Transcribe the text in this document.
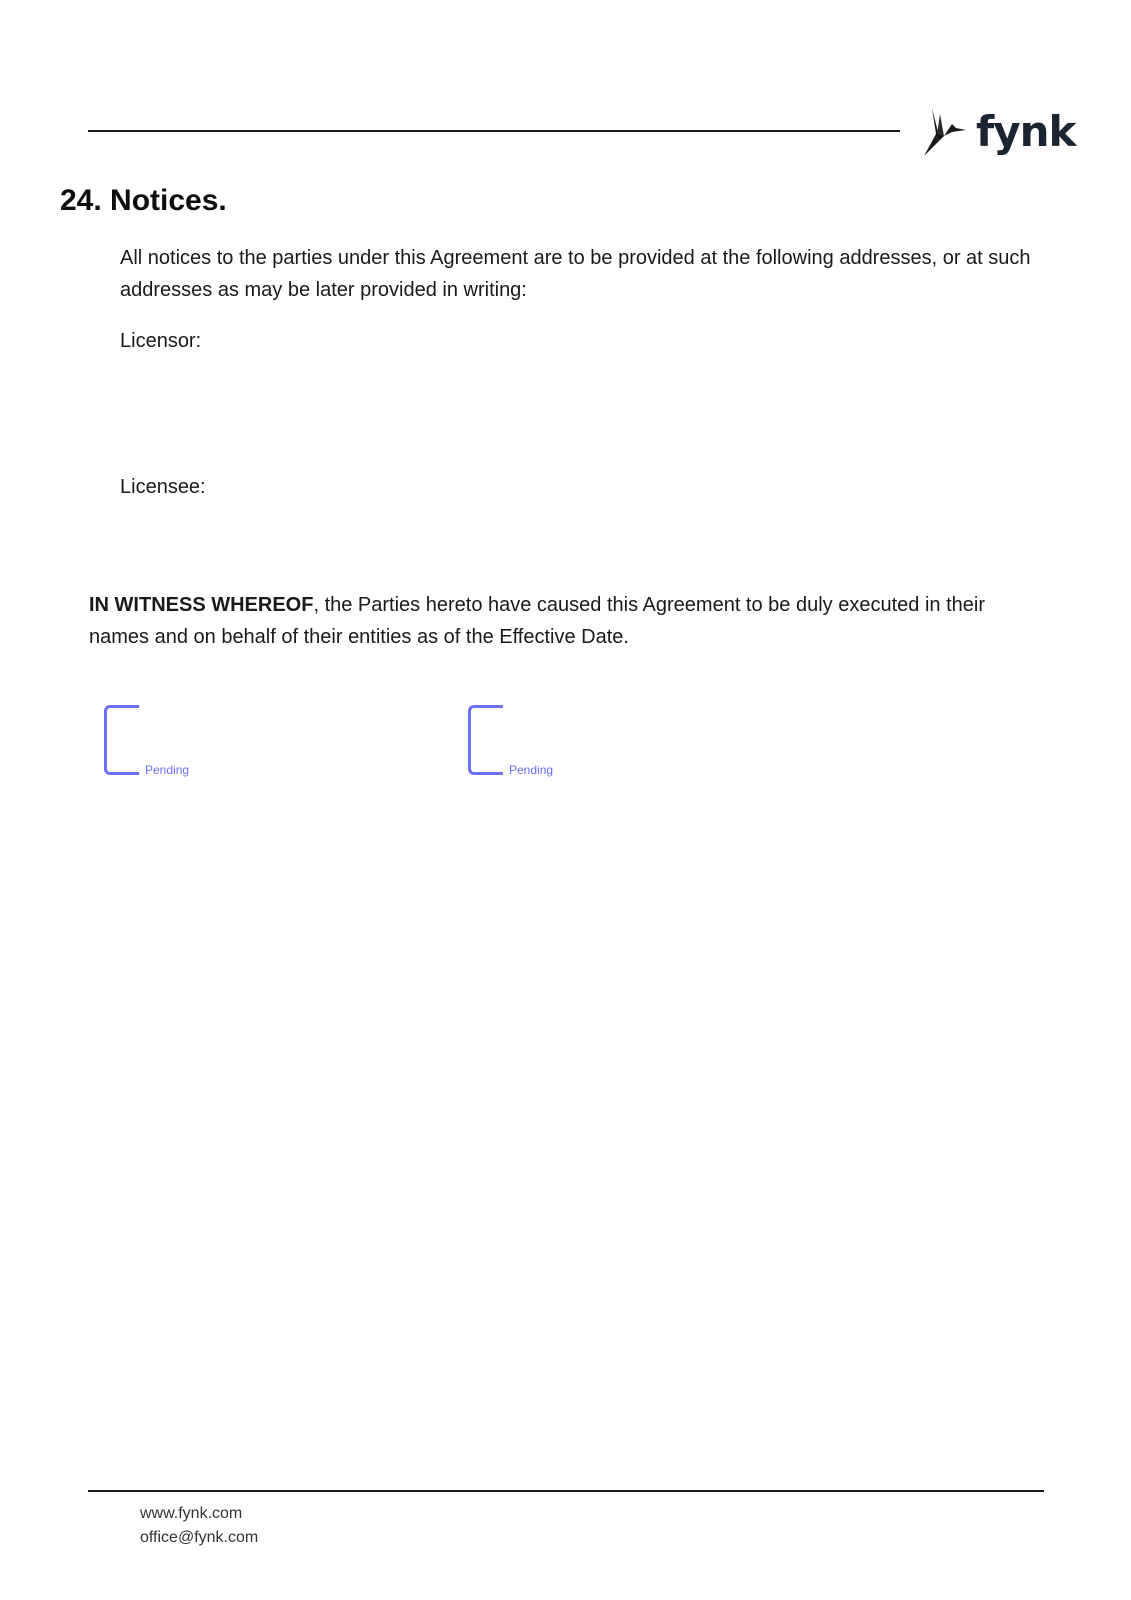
fynk
24. Notices.

All notices to the parties under this Agreement are to be provided at the following addresses, or at such addresses as may be later provided in writing:

Licensor:

Licensee:

IN WITNESS WHEREOF, the Parties hereto have caused this Agreement to be duly executed in their names and on behalf of their entities as of the Effective Date.

Pending	Pending
www.fynk.com
office@fynk.com
